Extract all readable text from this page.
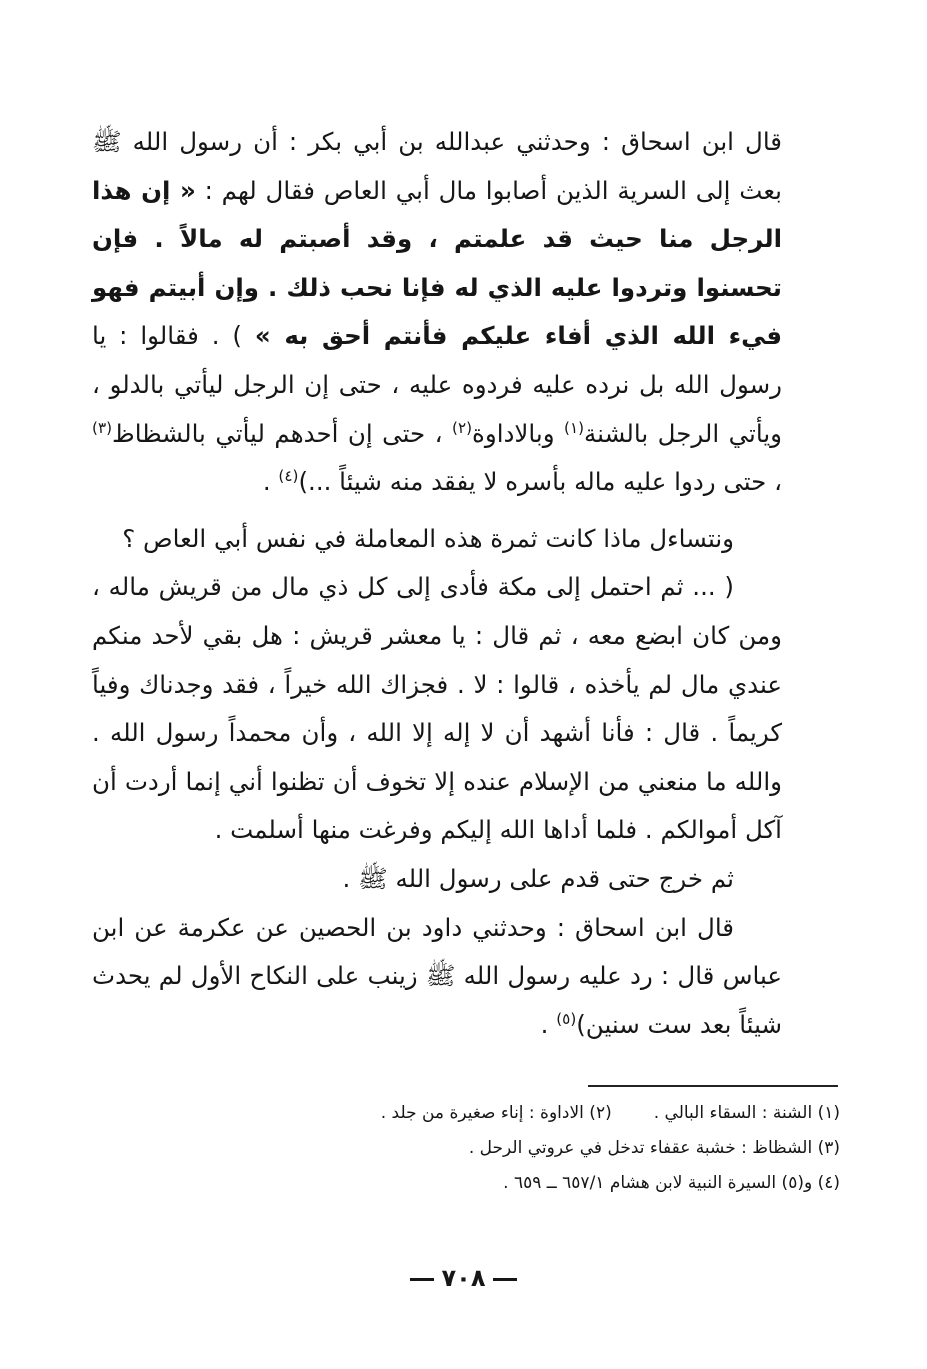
قال ابن اسحاق : وحدثني عبدالله بن أبي بكر : أن رسول الله ﷺ بعث إلى السرية الذين أصابوا مال أبي العاص فقال لهم : « إن هذا الرجل منا حيث قد علمتم ، وقد أصبتم له مالاً . فإن تحسنوا وتردوا عليه الذي له فإنا نحب ذلك . وإن أبيتم فهو فيء الله الذي أفاء عليكم فأنتم أحق به » ) . فقالوا : يا رسول الله بل نرده عليه فردوه عليه ، حتى إن الرجل ليأتي بالدلو ، ويأتي الرجل بالشنة$^{(١)}$ وبالاداوة$^{(٢)}$ ، حتى إن أحدهم ليأتي بالشظاظ$^{(٣)}$ ، حتى ردوا عليه ماله بأسره لا يفقد منه شيئاً ...)$^{(٤)}$ .

ونتساءل ماذا كانت ثمرة هذه المعاملة في نفس أبي العاص ؟

( ... ثم احتمل إلى مكة فأدى إلى كل ذي مال من قريش ماله ، ومن كان ابضع معه ، ثم قال : يا معشر قريش : هل بقي لأحد منكم عندي مال لم يأخذه ، قالوا : لا . فجزاك الله خيراً ، فقد وجدناك وفياً كريماً . قال : فأنا أشهد أن لا إله إلا الله ، وأن محمداً رسول الله . والله ما منعني من الإسلام عنده إلا تخوف أن تظنوا أني إنما أردت أن آكل أموالكم . فلما أداها الله إليكم وفرغت منها أسلمت .

ثم خرج حتى قدم على رسول الله ﷺ .

قال ابن اسحاق : وحدثني داود بن الحصين عن عكرمة عن ابن عباس قال : رد عليه رسول الله ﷺ زينب على النكاح الأول لم يحدث شيئاً بعد ست سنين)$^{(٥)}$ .

(١) الشنة : السقاء البالي .(٢) الاداوة : إناء صغيرة من جلد .
(٣) الشظاظ : خشبة عقفاء تدخل في عروتي الرحل .
(٤) و(٥) السيرة النبية لابن هشام ٦٥٧/١ ــ ٦٥٩ .
٧٠٨
